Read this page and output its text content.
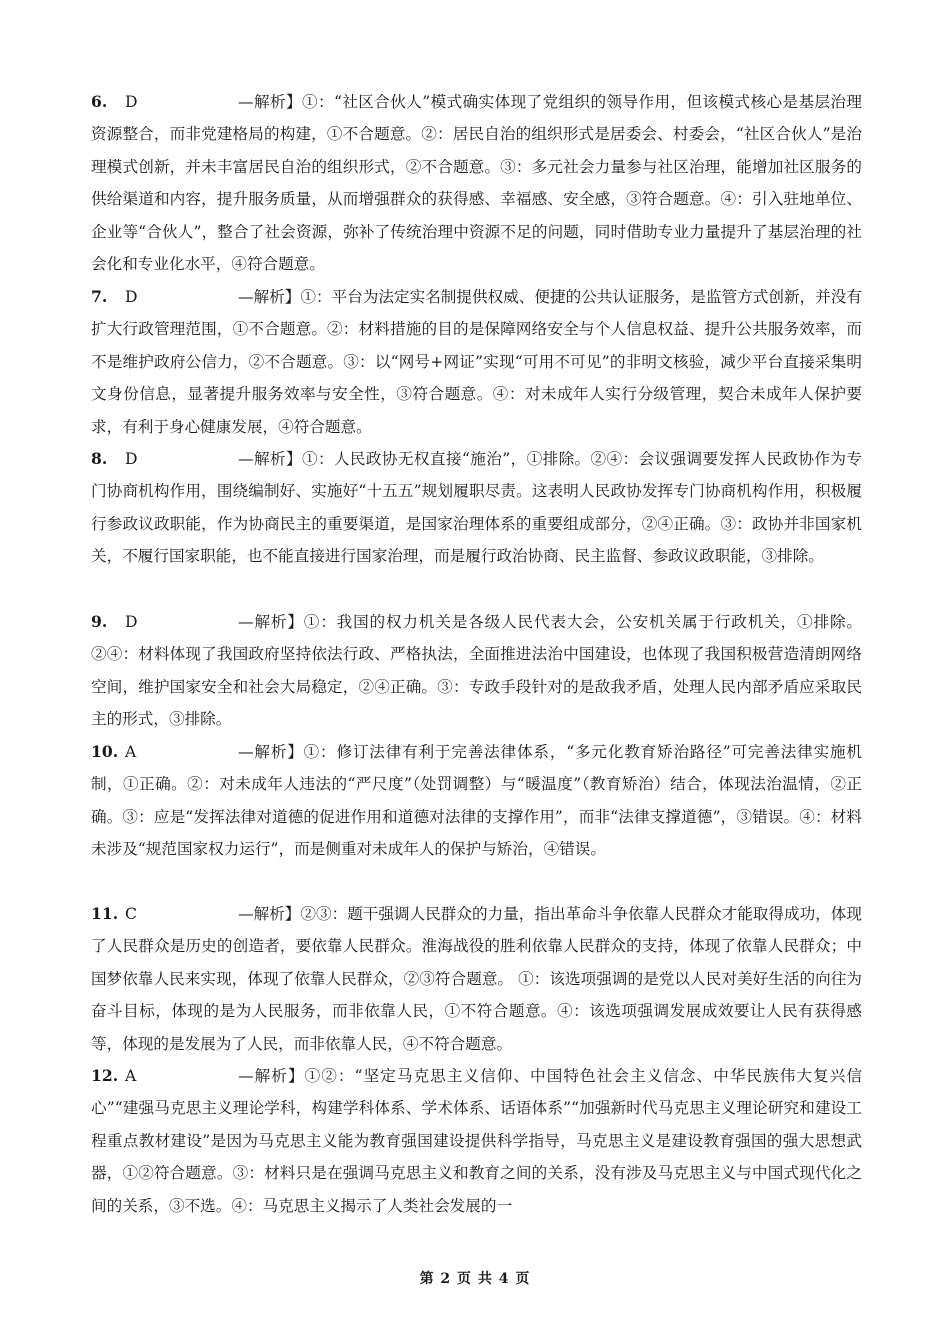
6. D	—解析】①：“社区合伙人”模式确实体现了党组织的领导作用，但该模式核心是基层治理资源整合，而非党建格局的构建，①不合题意。②：居民自治的组织形式是居委会、村委会，“社区合伙人”是治理模式创新，并未丰富居民自治的组织形式，②不合题意。③：多元社会力量参与社区治理，能增加社区服务的供给渠道和内容，提升服务质量，从而增强群众的获得感、幸福感、安全感，③符合题意。④：引入驻地单位、企业等“合伙人”，整合了社会资源，弥补了传统治理中资源不足的问题，同时借助专业力量提升了基层治理的社会化和专业化水平，④符合题意。
7. D	—解析】①：平台为法定实名制提供权威、便捷的公共认证服务，是监管方式创新，并没有扩大行政管理范围，①不合题意。②：材料措施的目的是保障网络安全与个人信息权益、提升公共服务效率，而不是维护政府公信力，②不合题意。③：以“网号+网证”实现“可用不可见”的非明文核验，减少平台直接采集明文身份信息，显著提升服务效率与安全性，③符合题意。④：对未成年人实行分级管理，契合未成年人保护要求，有利于身心健康发展，④符合题意。
8. D	—解析】①：人民政协无权直接“施治”，①排除。②④：会议强调要发挥人民政协作为专门协商机构作用，围绕编制好、实施好“十五五”规划履职尽责。这表明人民政协发挥专门协商机构作用，积极履行参政议政职能，作为协商民主的重要渠道，是国家治理体系的重要组成部分，②④正确。③：政协并非国家机关，不履行国家职能，也不能直接进行国家治理，而是履行政治协商、民主监督、参政议政职能，③排除。
9. D	—解析】①：我国的权力机关是各级人民代表大会，公安机关属于行政机关，①排除。②④：材料体现了我国政府坚持依法行政、严格执法，全面推进法治中国建设，也体现了我国积极营造清朗网络空间，维护国家安全和社会大局稳定，②④正确。③：专政手段针对的是敌我矛盾，处理人民内部矛盾应采取民主的形式，③排除。
10. A	—解析】①：修订法律有利于完善法律体系，“多元化教育矫治路径”可完善法律实施机制，①正确。②：对未成年人违法的“严尺度”（处罚调整）与“暖温度”（教育矫治）结合，体现法治温情，②正确。③：应是“发挥法律对道德的促进作用和道德对法律的支撑作用”，而非“法律支撑道德”，③错误。④：材料未涉及“规范国家权力运行”，而是侧重对未成年人的保护与矫治，④错误。
11. C	—解析】②③：题干强调人民群众的力量，指出革命斗争依靠人民群众才能取得成功，体现了人民群众是历史的创造者，要依靠人民群众。淮海战役的胜利依靠人民群众的支持，体现了依靠人民群众；中国梦依靠人民来实现，体现了依靠人民群众，②③符合题意。 ①：该选项强调的是党以人民对美好生活的向往为奋斗目标，体现的是为人民服务，而非依靠人民，①不符合题意。④：该选项强调发展成效要让人民有获得感等，体现的是发展为了人民，而非依靠人民，④不符合题意。
12. A	—解析】①②：“坚定马克思主义信仰、中国特色社会主义信念、中华民族伟大复兴信心”“建强马克思主义理论学科，构建学科体系、学术体系、话语体系”“加强新时代马克思主义理论研究和建设工程重点教材建设”是因为马克思主义能为教育强国建设提供科学指导，马克思主义是建设教育强国的强大思想武器，①②符合题意。③：材料只是在强调马克思主义和教育之间的关系，没有涉及马克思主义与中国式现代化之间的关系，③不选。④：马克思主义揭示了人类社会发展的一
第 2 页 共 4 页
